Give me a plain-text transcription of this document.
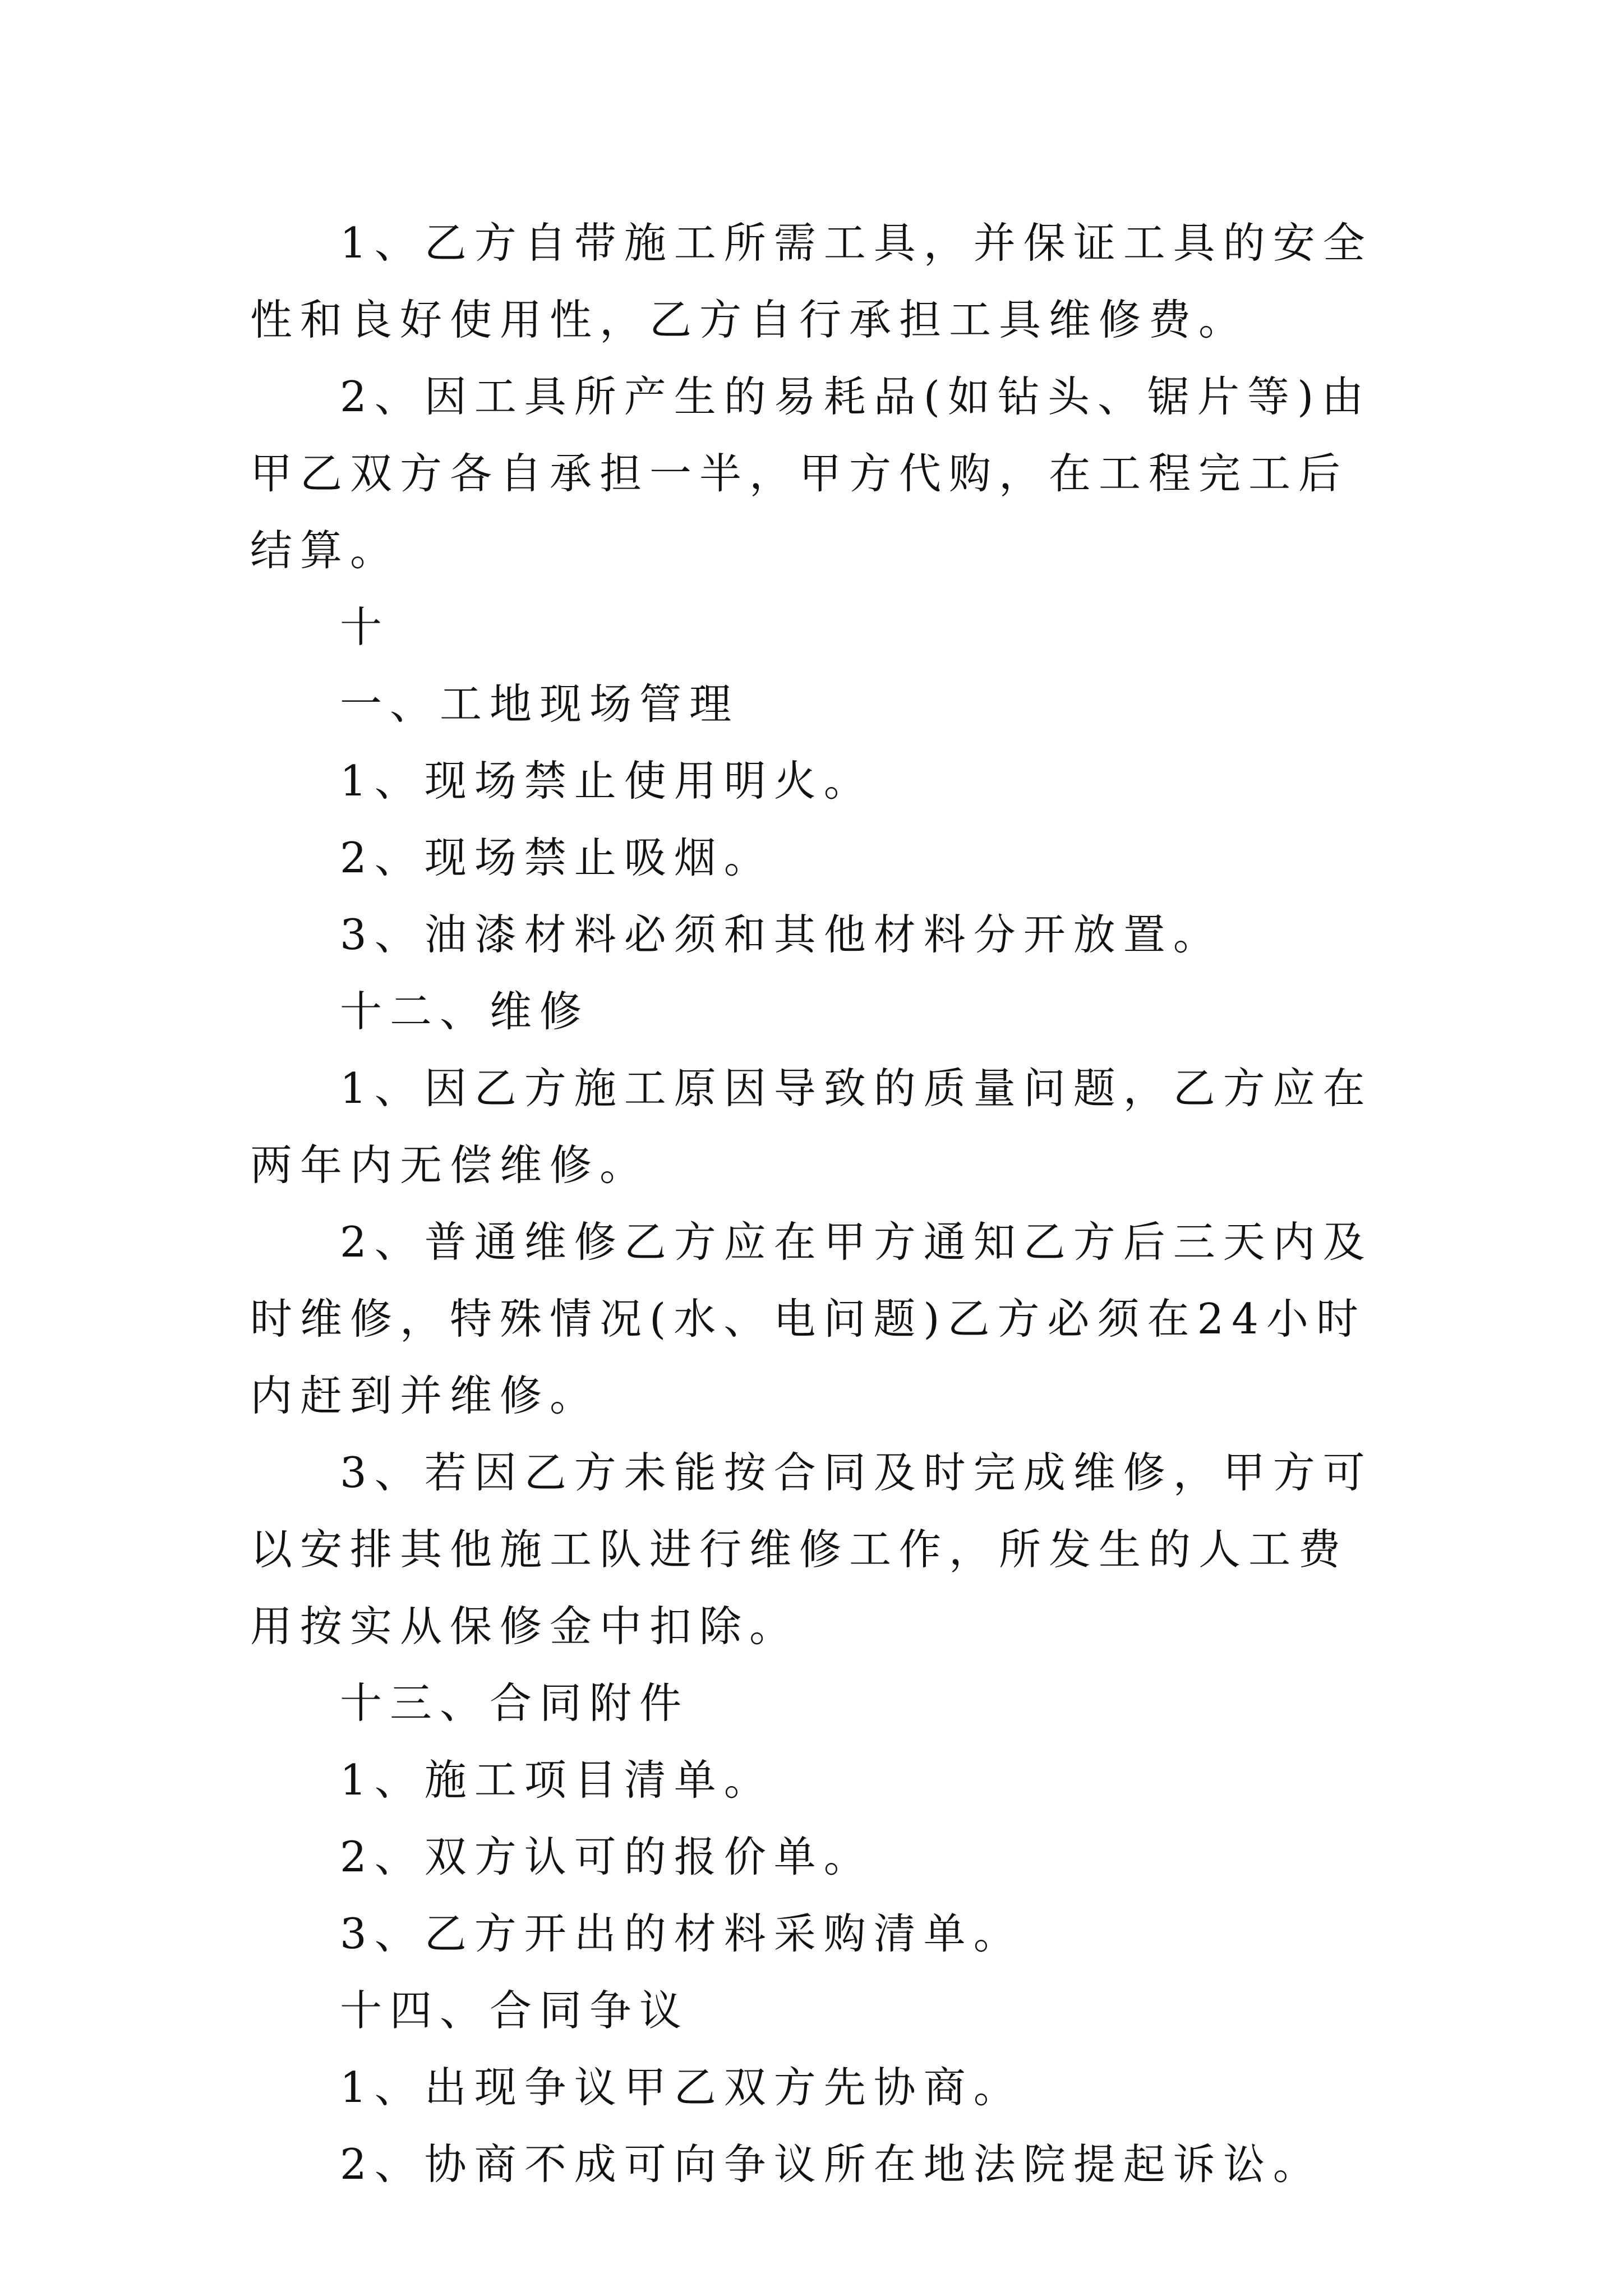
1、乙方自带施工所需工具，并保证工具的安全性和良好使用性，乙方自行承担工具维修费。

2、因工具所产生的易耗品(如钻头、锯片等)由甲乙双方各自承担一半，甲方代购，在工程完工后结算。

十

一、工地现场管理

1、现场禁止使用明火。

2、现场禁止吸烟。

3、油漆材料必须和其他材料分开放置。

十二、维修

1、因乙方施工原因导致的质量问题，乙方应在两年内无偿维修。

2、普通维修乙方应在甲方通知乙方后三天内及时维修，特殊情况(水、电问题)乙方必须在24小时内赶到并维修。

3、若因乙方未能按合同及时完成维修，甲方可以安排其他施工队进行维修工作，所发生的人工费用按实从保修金中扣除。

十三、合同附件

1、施工项目清单。

2、双方认可的报价单。

3、乙方开出的材料采购清单。

十四、合同争议

1、出现争议甲乙双方先协商。

2、协商不成可向争议所在地法院提起诉讼。
